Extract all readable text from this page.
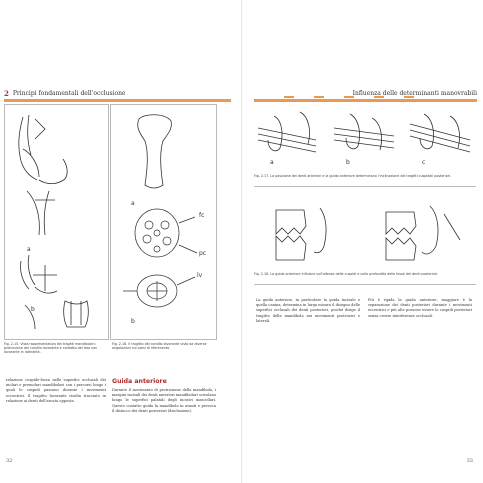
2 Principi fondamentali dell'occlusione
a
b
a
fc
pc
lv
b
Fig. 2-15. Vista rappresentativa dei tragitti mandibolari: protrusione del condilo lavorante e contatto del lato non lavorante in lateralità.
Fig. 2-16. Il tragitto del condilo lavorante visto da diverse angolazioni sui piani di riferimento.
relazione cuspide-fossa nelle superfici occlusali dei molari e premolari mandibolari con i percorsi lungo i quali le cuspidi passano durante i movimenti eccentrici. Il tragitto lavorante risulta tracciato in relazione ai denti dell'arcata opposta.
Guida anteriore
Durante il movimento di protrusione della mandibola, i margini incisali dei denti anteriori mandibolari scivolano lungo le superfici palatali degli incisivi mascellari. Questo contatto guida la mandibola in avanti e provoca il distacco dei denti posteriori (disclusione).
32
Influenza delle determinanti manovrabili
a	b	c
Fig. 2-17. La posizione dei denti anteriori e la guida anteriore determinano l'inclinazione dei tragitti cuspidali posteriori.
Fig. 2-18. La guida anteriore influisce sull'altezza delle cuspidi e sulla profondità delle fosse dei denti posteriori.
La guida anteriore, in particolare la guida incisale e quella canina, determina in larga misura il disegno delle superfici occlusali dei denti posteriori, poiché dirige il tragitto della mandibola nei movimenti protrusivi e laterali.
Più è ripida la guida anteriore, maggiore è la separazione dei denti posteriori durante i movimenti eccentrici e più alte possono essere le cuspidi posteriori senza creare interferenze occlusali.
33
